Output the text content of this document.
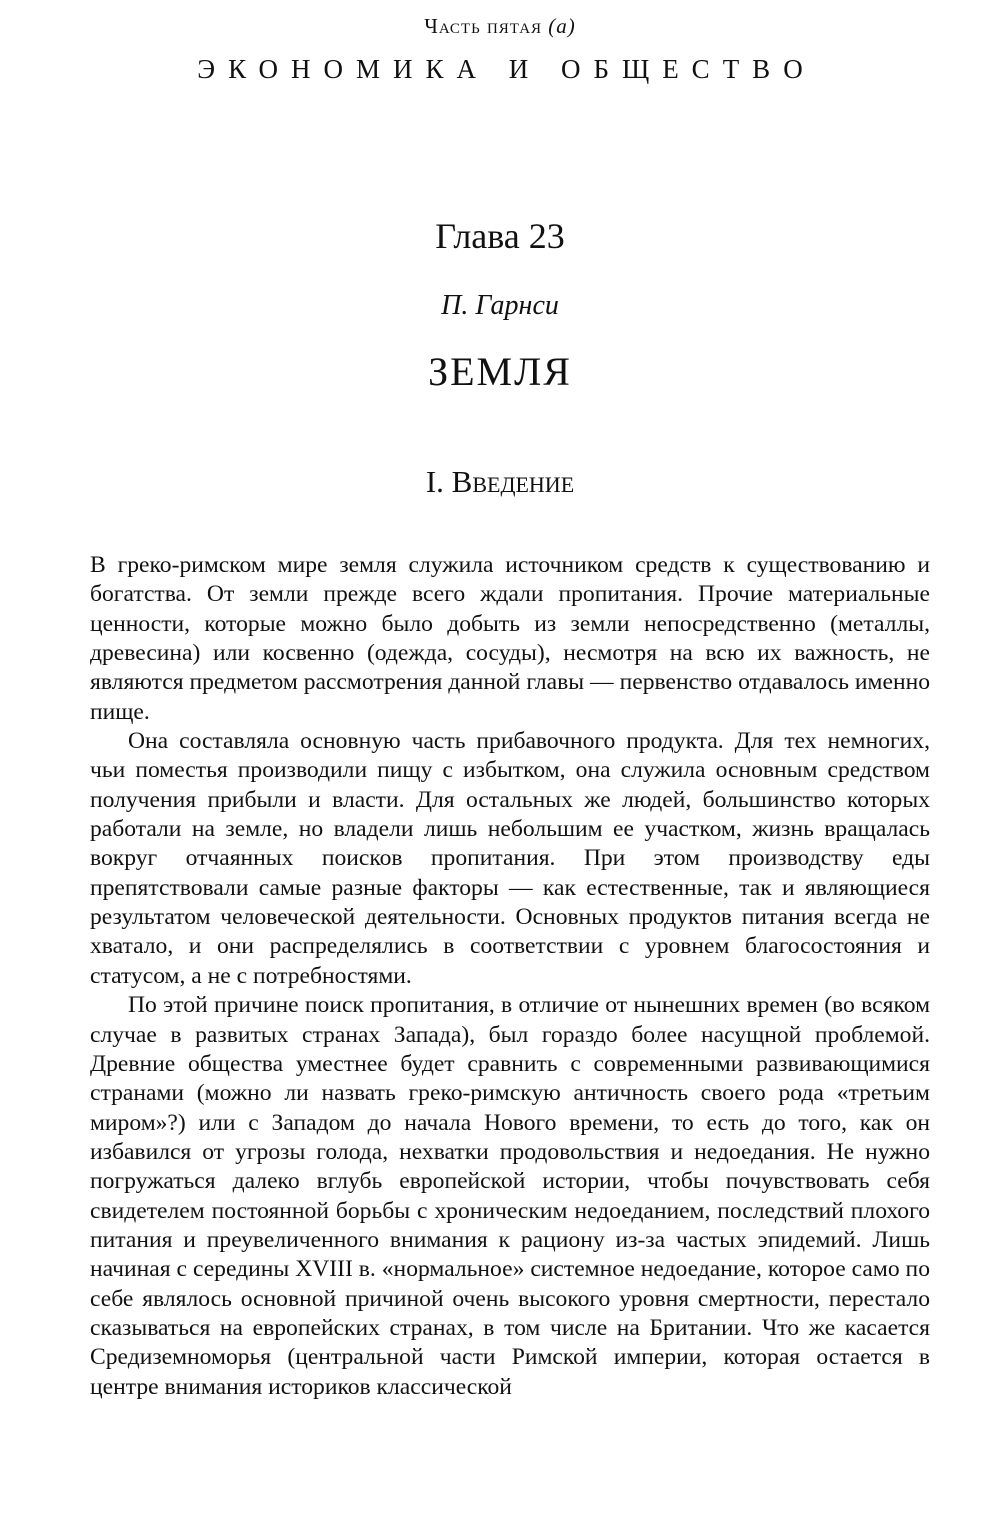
Часть пятая (а)
ЭКОНОМИКА И ОБЩЕСТВО
Глава 23
П. Гарнси
ЗЕМЛЯ
I. Введение

В греко-римском мире земля служила источником средств к существованию и богатства. От земли прежде всего ждали пропитания. Прочие материальные ценности, которые можно было добыть из земли непосредственно (металлы, древесина) или косвенно (одежда, сосуды), несмотря на всю их важность, не являются предметом рассмотрения данной главы — первенство отдавалось именно пище.

Она составляла основную часть прибавочного продукта. Для тех немногих, чьи поместья производили пищу с избытком, она служила основным средством получения прибыли и власти. Для остальных же людей, большинство которых работали на земле, но владели лишь небольшим ее участком, жизнь вращалась вокруг отчаянных поисков пропитания. При этом производству еды препятствовали самые разные факторы — как естественные, так и являющиеся результатом человеческой деятельности. Основных продуктов питания всегда не хватало, и они распределялись в соответствии с уровнем благосостояния и статусом, а не с потребностями.

По этой причине поиск пропитания, в отличие от нынешних времен (во всяком случае в развитых странах Запада), был гораздо более насущной проблемой. Древние общества уместнее будет сравнить с современными развивающимися странами (можно ли назвать греко-римскую античность своего рода «третьим миром»?) или с Западом до начала Нового времени, то есть до того, как он избавился от угрозы голода, нехватки продовольствия и недоедания. Не нужно погружаться далеко вглубь европейской истории, чтобы почувствовать себя свидетелем постоянной борьбы с хроническим недоеданием, последствий плохого питания и преувеличенного внимания к рациону из-за частых эпидемий. Лишь начиная с середины XVIII в. «нормальное» системное недоедание, которое само по себе являлось основной причиной очень высокого уровня смертности, перестало сказываться на европейских странах, в том числе на Британии. Что же касается Средиземноморья (центральной части Римской империи, которая остается в центре внимания историков классической
